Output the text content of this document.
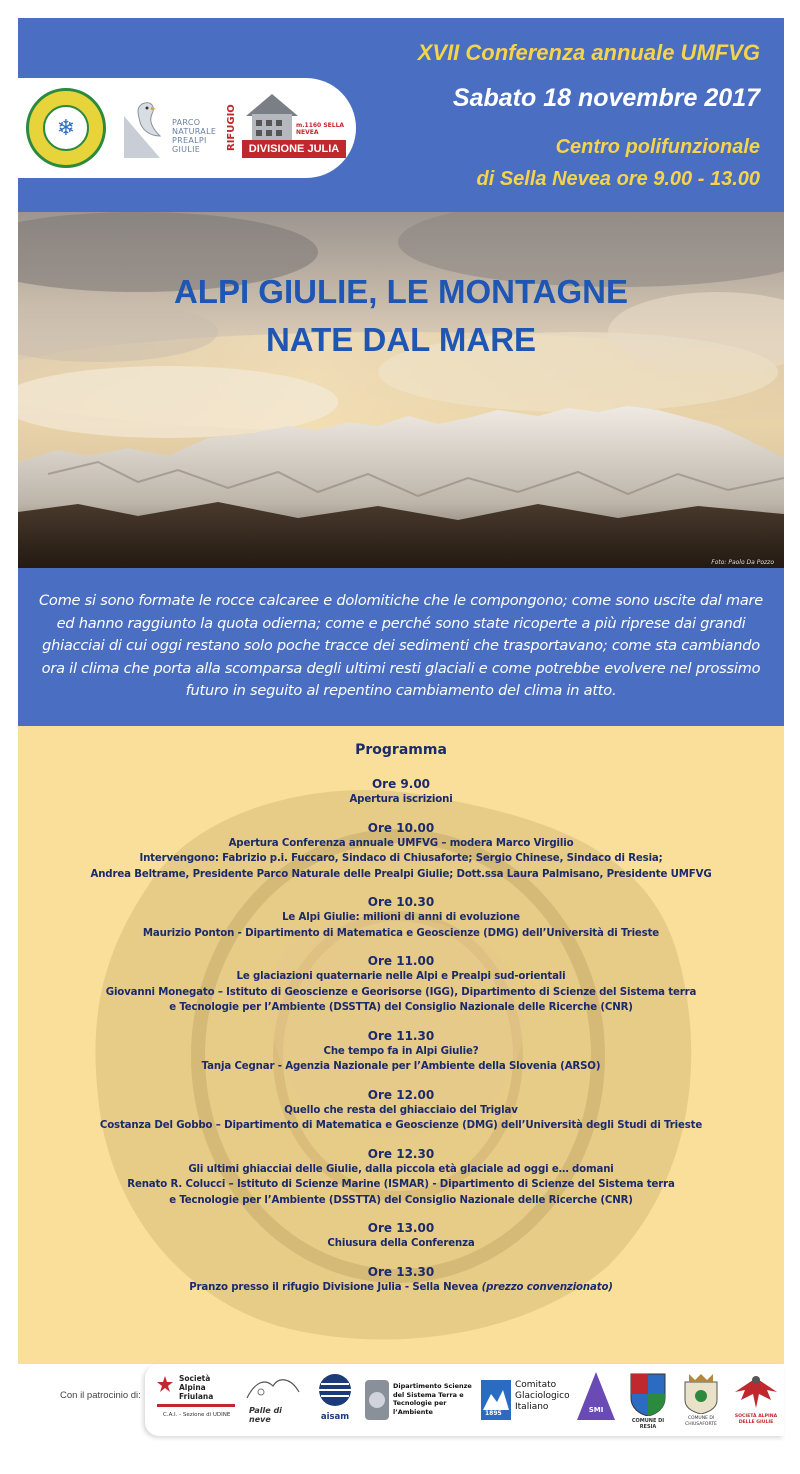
❄	PARCO NATURALE PREALPI GIULIE	RIFUGIO	m.1160 SELLA NEVEA
DIVISIONE JULIA
XVII Conferenza annuale UMFVG
Sabato 18 novembre 2017
Centro polifunzionale
di Sella Nevea ore 9.00 - 13.00
ALPI GIULIE, LE MONTAGNE
NATE DAL MARE
Foto: Paolo Da Pozzo
Come si sono formate le rocce calcaree e dolomitiche che le compongono; come sono uscite dal mare
ed hanno raggiunto la quota odierna; come e perché sono state ricoperte a più riprese dai grandi
ghiacciai di cui oggi restano solo poche tracce dei sedimenti che trasportavano; come sta cambiando
ora il clima che porta alla scomparsa degli ultimi resti glaciali e come potrebbe evolvere nel prossimo
futuro in seguito al repentino cambiamento del clima in atto.
Programma
Ore 9.00
Apertura iscrizioni
Ore 10.00
Apertura Conferenza annuale UMFVG – modera Marco Virgilio
Intervengono: Fabrizio p.i. Fuccaro, Sindaco di Chiusaforte; Sergio Chinese, Sindaco di Resia;
Andrea Beltrame, Presidente Parco Naturale delle Prealpi Giulie; Dott.ssa Laura Palmisano, Presidente UMFVG
Ore 10.30
Le Alpi Giulie: milioni di anni di evoluzione
Maurizio Ponton - Dipartimento di Matematica e Geoscienze (DMG) dell’Università di Trieste
Ore 11.00
Le glaciazioni quaternarie nelle Alpi e Prealpi sud-orientali
Giovanni Monegato – Istituto di Geoscienze e Georisorse (IGG), Dipartimento di Scienze del Sistema terra
e Tecnologie per l’Ambiente (DSSTTA) del Consiglio Nazionale delle Ricerche (CNR)
Ore 11.30
Che tempo fa in Alpi Giulie?
Tanja Cegnar - Agenzia Nazionale per l’Ambiente della Slovenia (ARSO)
Ore 12.00
Quello che resta del ghiacciaio del Triglav
Costanza Del Gobbo – Dipartimento di Matematica e Geoscienze (DMG) dell’Università degli Studi di Trieste
Ore 12.30
Gli ultimi ghiacciai delle Giulie, dalla piccola età glaciale ad oggi e… domani
Renato R. Colucci – Istituto di Scienze Marine (ISMAR) - Dipartimento di Scienze del Sistema terra
e Tecnologie per l’Ambiente (DSSTTA) del Consiglio Nazionale delle Ricerche (CNR)
Ore 13.00
Chiusura della Conferenza
Ore 13.30
Pranzo presso il rifugio Divisione Julia - Sella Nevea (prezzo convenzionato)
Con il patrocinio di:
Società Alpina Friulana
C.A.I. - Sezione di UDINE Palle di neve	aisam
Dipartimento Scienze del Sistema Terra e Tecnologie per l’Ambiente	1895
Comitato Glaciologico Italiano	SMI
COMUNE DI RESIA
COMUNE DI CHIUSAFORTE
SOCIETÀ ALPINA DELLE GIULIE
